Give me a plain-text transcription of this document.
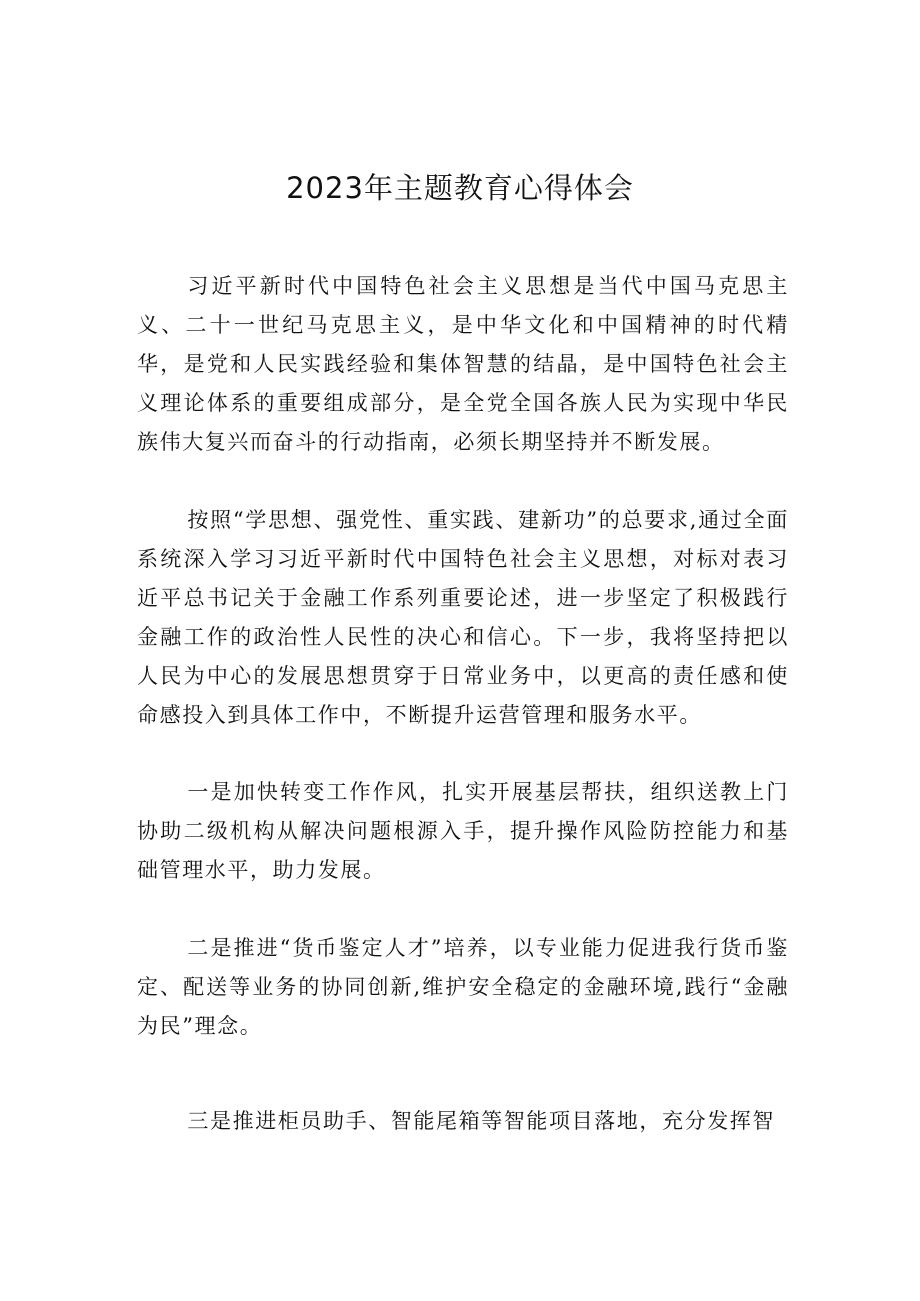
2023年主题教育心得体会

习近平新时代中国特色社会主义思想是当代中国马克思主义、二十一世纪马克思主义，是中华文化和中国精神的时代精华，是党和人民实践经验和集体智慧的结晶，是中国特色社会主义理论体系的重要组成部分，是全党全国各族人民为实现中华民族伟大复兴而奋斗的行动指南，必须长期坚持并不断发展。

按照“学思想、强党性、重实践、建新功”的总要求,通过全面系统深入学习习近平新时代中国特色社会主义思想，对标对表习近平总书记关于金融工作系列重要论述，进一步坚定了积极践行金融工作的政治性人民性的决心和信心。下一步，我将坚持把以人民为中心的发展思想贯穿于日常业务中，以更高的责任感和使命感投入到具体工作中，不断提升运营管理和服务水平。

一是加快转变工作作风，扎实开展基层帮扶，组织送教上门协助二级机构从解决问题根源入手，提升操作风险防控能力和基础管理水平，助力发展。

二是推进“货币鉴定人才”培养，以专业能力促进我行货币鉴定、配送等业务的协同创新,维护安全稳定的金融环境,践行“金融为民”理念。

三是推进柜员助手、智能尾箱等智能项目落地，充分发挥智
